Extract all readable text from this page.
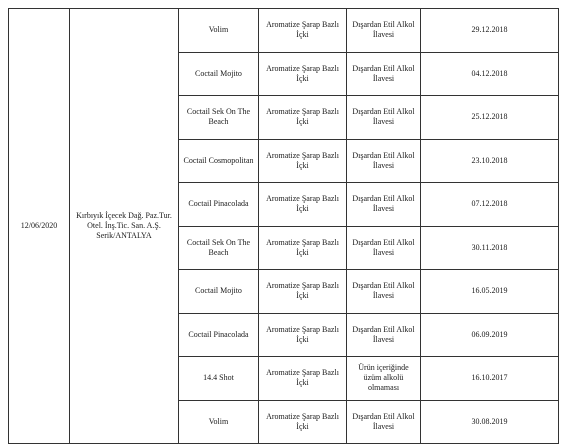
12/06/2020	Kırbıyık İçecek Dağ. Paz.Tur. Otel. İnş.Tic. San. A.Ş. Serik/ANTALYA	Volim	Aromatize Şarap Bazlı İçki	Dışardan Etil Alkol İlavesi	29.12.2018
		Coctail Mojito	Aromatize Şarap Bazlı İçki	Dışardan Etil Alkol İlavesi	04.12.2018
		Coctail Sek On The Beach	Aromatize Şarap Bazlı İçki	Dışardan Etil Alkol İlavesi	25.12.2018
		Coctail Cosmopolitan	Aromatize Şarap Bazlı İçki	Dışardan Etil Alkol İlavesi	23.10.2018
		Coctail Pinacolada	Aromatize Şarap Bazlı İçki	Dışardan Etil Alkol İlavesi	07.12.2018
		Coctail Sek On The Beach	Aromatize Şarap Bazlı İçki	Dışardan Etil Alkol İlavesi	30.11.2018
		Coctail Mojito	Aromatize Şarap Bazlı İçki	Dışardan Etil Alkol İlavesi	16.05.2019
		Coctail Pinacolada	Aromatize Şarap Bazlı İçki	Dışardan Etil Alkol İlavesi	06.09.2019
		14.4 Shot	Aromatize Şarap Bazlı İçki	Ürün içeriğinde üzüm alkolü olmaması	16.10.2017
		Volim	Aromatize Şarap Bazlı İçki	Dışardan Etil Alkol İlavesi	30.08.2019
